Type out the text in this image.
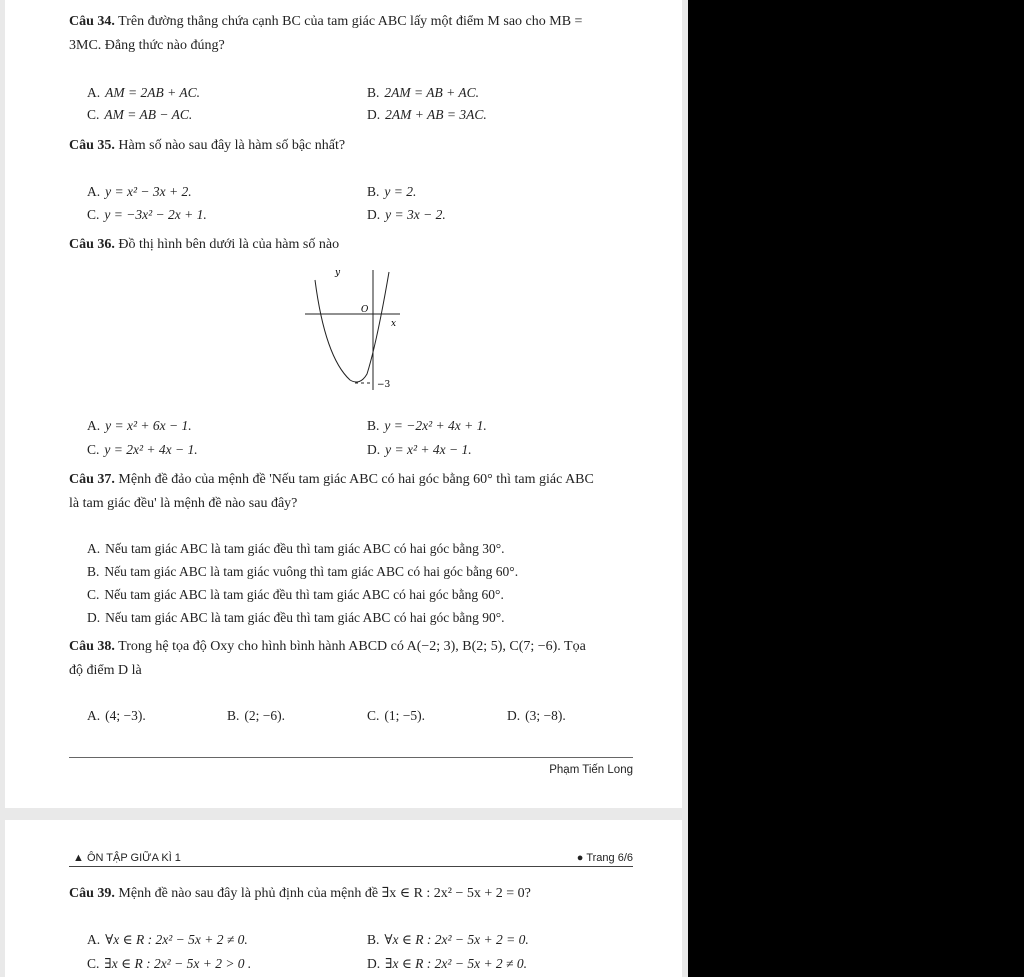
Câu 34. Trên đường thẳng chứa cạnh BC của tam giác ABC lấy một điểm M sao cho MB =
3MC. Đẳng thức nào đúng?
A. AM = 2AB + AC.	B. 2AM = AB + AC.
C. AM = AB − AC.	D. 2AM + AB = 3AC.
Câu 35. Hàm số nào sau đây là hàm số bậc nhất?
A. y = x² − 3x + 2.	B. y = 2.
C. y = −3x² − 2x + 1.	D. y = 3x − 2.
Câu 36. Đồ thị hình bên dưới là của hàm số nào
y
x
O
−3
A. y = x² + 6x − 1.	B. y = −2x² + 4x + 1.
C. y = 2x² + 4x − 1.	D. y = x² + 4x − 1.
Câu 37. Mệnh đề đảo của mệnh đề 'Nếu tam giác ABC có hai góc bằng 60° thì tam giác ABC
là tam giác đều' là mệnh đề nào sau đây?
A. Nếu tam giác ABC là tam giác đều thì tam giác ABC có hai góc bằng 30°.
B. Nếu tam giác ABC là tam giác vuông thì tam giác ABC có hai góc bằng 60°.
C. Nếu tam giác ABC là tam giác đều thì tam giác ABC có hai góc bằng 60°.
D. Nếu tam giác ABC là tam giác đều thì tam giác ABC có hai góc bằng 90°.
Câu 38. Trong hệ tọa độ Oxy cho hình bình hành ABCD có A(−2; 3), B(2; 5), C(7; −6). Tọa
độ điểm D là
A. (4; −3).	B. (2; −6).	C. (1; −5).	D. (3; −8).
Phạm Tiến Long
▲ ÔN TẬP GIỮA KÌ 1	● Trang 6/6
Câu 39. Mệnh đề nào sau đây là phủ định của mệnh đề ∃x ∈ R : 2x² − 5x + 2 = 0?
A. ∀x ∈ R : 2x² − 5x + 2 ≠ 0.	B. ∀x ∈ R : 2x² − 5x + 2 = 0.
C. ∃x ∈ R : 2x² − 5x + 2 > 0 .	D. ∃x ∈ R : 2x² − 5x + 2 ≠ 0.
